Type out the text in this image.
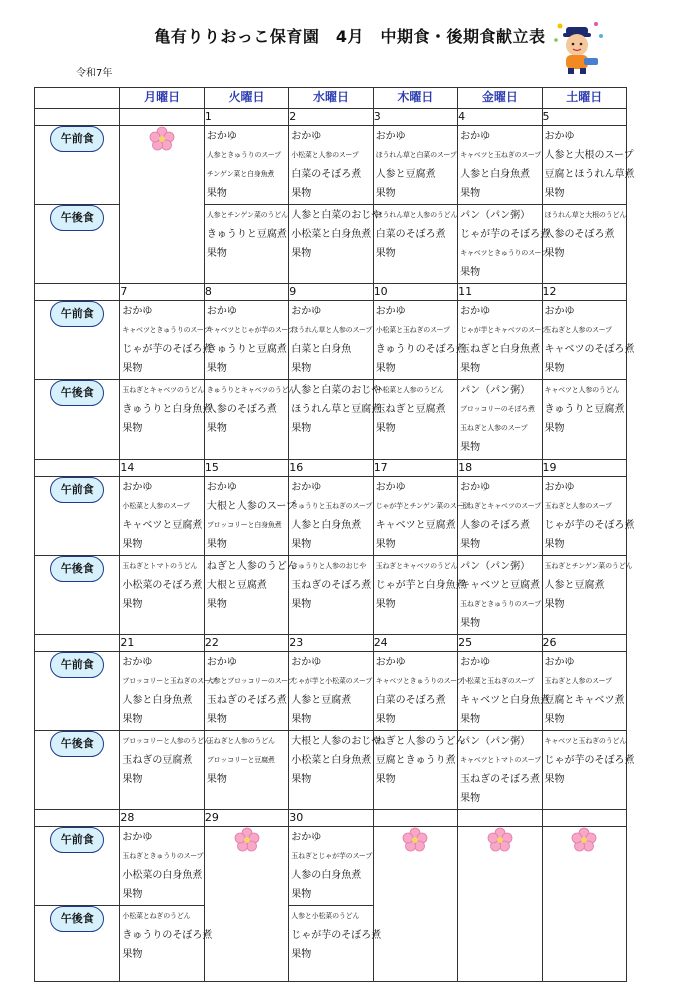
亀有りりおっこ保育園　4月　中期食・後期食献立表
令和7年
	月曜日	火曜日	水曜日	木曜日	金曜日	土曜日
		1	2	3	4	5
午前食		おかゆ
人参ときゅうりのスープ
チンゲン菜と白身魚煮
果物	おかゆ
小松菜と人参のスープ
白菜のそぼろ煮
果物	おかゆ
ほうれん草と白菜のスープ
人参と豆腐煮
果物	おかゆ
キャベツと玉ねぎのスープ
人参と白身魚煮
果物	おかゆ
人参と大根のスープ
豆腐とほうれん草煮
果物

午後食		人参とチンゲン菜のうどん
きゅうりと豆腐煮
果物	人参と白菜のおじや
小松菜と白身魚煮
果物	ほうれん草と人参のうどん
白菜のそぼろ煮
果物	パン（パン粥）
じゃが芋のそぼろ煮
キャベツときゅうりのスープ
果物	ほうれん草と大根のうどん
人参のそぼろ煮
果物

	7	8	9	10	11	12
午前食	おかゆ
キャベツときゅうりのスープ
じゃが芋のそぼろ煮
果物	おかゆ
キャベツとじゃが芋のスープ
きゅうりと豆腐煮
果物	おかゆ
ほうれん草と人参のスープ
白菜と白身魚
果物	おかゆ
小松菜と玉ねぎのスープ
きゅうりのそぼろ煮
果物	おかゆ
じゃが芋とキャベツのスープ
玉ねぎと白身魚煮
果物	おかゆ
玉ねぎと人参のスープ
キャベツのそぼろ煮
果物

午後食	玉ねぎとキャベツのうどん
きゅうりと白身魚煮
果物	きゅうりとキャベツのうどん
人参のそぼろ煮
果物	人参と白菜のおじや
ほうれん草と豆腐煮
果物	小松菜と人参のうどん
玉ねぎと豆腐煮
果物	パン（パン粥）
ブロッコリーのそぼろ煮
玉ねぎと人参のスープ
果物	キャベツと人参のうどん
きゅうりと豆腐煮
果物

	14	15	16	17	18	19
午前食	おかゆ
小松菜と人参のスープ
キャベツと豆腐煮
果物	おかゆ
大根と人参のスープ
ブロッコリーと白身魚煮
果物	おかゆ
きゅうりと玉ねぎのスープ
人参と白身魚煮
果物	おかゆ
じゃが芋とチンゲン菜のスープ
キャベツと豆腐煮
果物	おかゆ
玉ねぎとキャベツのスープ
人参のそぼろ煮
果物	おかゆ
玉ねぎと人参のスープ
じゃが芋のそぼろ煮
果物

午後食	玉ねぎとトマトのうどん
小松菜のそぼろ煮
果物	ねぎと人参のうどん
大根と豆腐煮
果物	きゅうりと人参のおじや
玉ねぎのそぼろ煮
果物	玉ねぎとキャベツのうどん
じゃが芋と白身魚煮
果物	パン（パン粥）
キャベツと豆腐煮
玉ねぎときゅうりのスープ
果物	玉ねぎとチンゲン菜のうどん
人参と豆腐煮
果物

	21	22	23	24	25	26
午前食	おかゆ
ブロッコリーと玉ねぎのスープ
人参と白身魚煮
果物	おかゆ
人参とブロッコリーのスープ
玉ねぎのそぼろ煮
果物	おかゆ
じゃが芋と小松菜のスープ
人参と豆腐煮
果物	おかゆ
キャベツときゅうりのスープ
白菜のそぼろ煮
果物	おかゆ
小松菜と玉ねぎのスープ
キャベツと白身魚煮
果物	おかゆ
玉ねぎと人参のスープ
豆腐とキャベツ煮
果物

午後食	ブロッコリーと人参のうどん
玉ねぎの豆腐煮
果物	玉ねぎと人参のうどん
ブロッコリーと豆腐煮
果物	大根と人参のおじや
小松菜と白身魚煮
果物	ねぎと人参のうどん
豆腐ときゅうり煮
果物	パン（パン粥）
キャベツとトマトのスープ
玉ねぎのそぼろ煮
果物	キャベツと玉ねぎのうどん
じゃが芋のそぼろ煮
果物

	28	29	30			
午前食	おかゆ
玉ねぎときゅうりのスープ
小松菜の白身魚煮
果物		おかゆ
玉ねぎとじゃが芋のスープ
人参の白身魚煮
果物

午後食	小松菜とねぎのうどん
きゅうりのそぼろ煮
果物		人参と小松菜のうどん
じゃが芋のそぼろ煮
果物			
